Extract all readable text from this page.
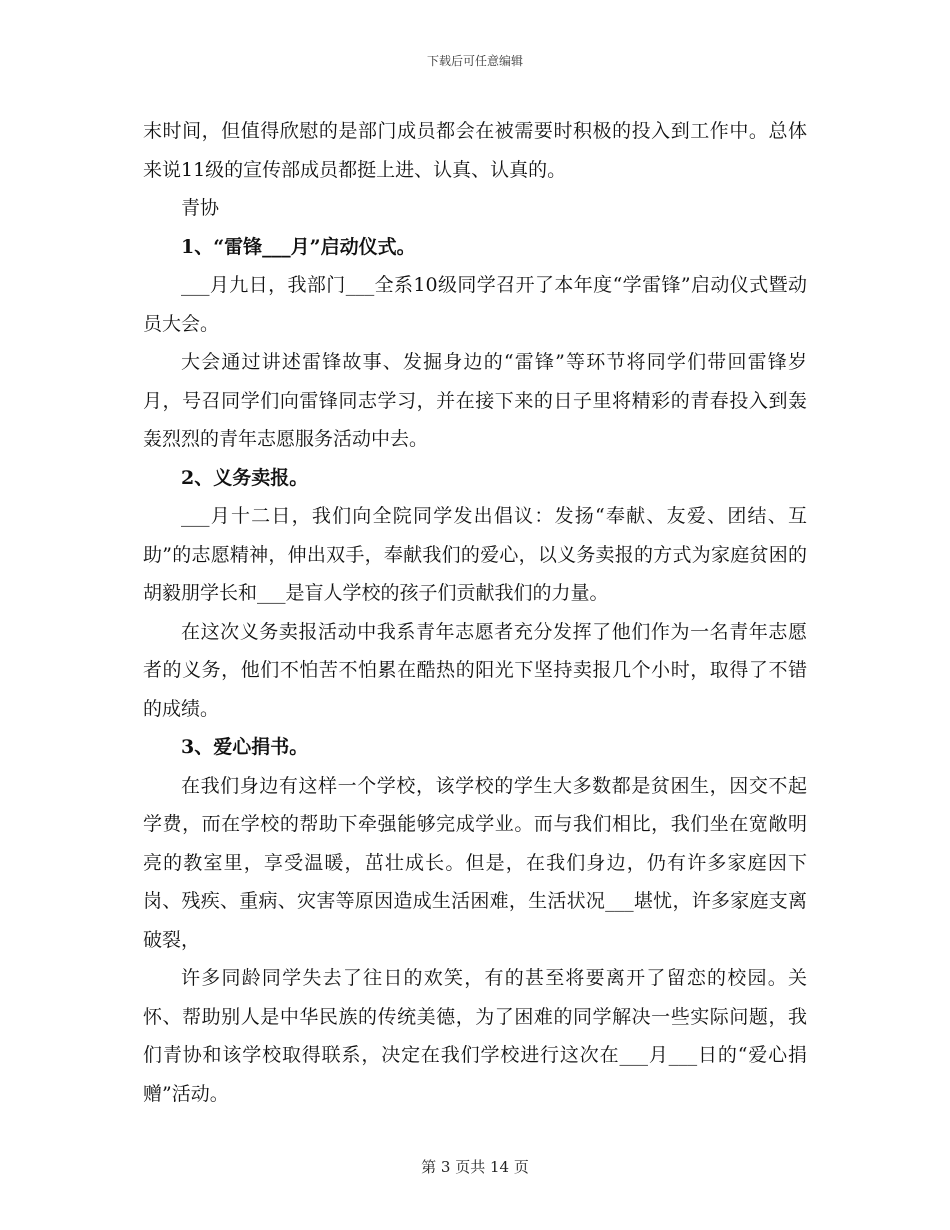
下载后可任意编辑

末时间，但值得欣慰的是部门成员都会在被需要时积极的投入到工作中。总体来说11级的宣传部成员都挺上进、认真、认真的。

青协

1、“雷锋___月”启动仪式。

___月九日，我部门___全系10级同学召开了本年度“学雷锋”启动仪式暨动员大会。

大会通过讲述雷锋故事、发掘身边的“雷锋”等环节将同学们带回雷锋岁月，号召同学们向雷锋同志学习，并在接下来的日子里将精彩的青春投入到轰轰烈烈的青年志愿服务活动中去。

2、义务卖报。

___月十二日，我们向全院同学发出倡议：发扬“奉献、友爱、团结、互助”的志愿精神，伸出双手，奉献我们的爱心，以义务卖报的方式为家庭贫困的胡毅朋学长和___是盲人学校的孩子们贡献我们的力量。

在这次义务卖报活动中我系青年志愿者充分发挥了他们作为一名青年志愿者的义务，他们不怕苦不怕累在酷热的阳光下坚持卖报几个小时，取得了不错的成绩。

3、爱心捐书。

在我们身边有这样一个学校，该学校的学生大多数都是贫困生，因交不起学费，而在学校的帮助下牵强能够完成学业。而与我们相比，我们坐在宽敞明亮的教室里，享受温暖，茁壮成长。但是，在我们身边，仍有许多家庭因下岗、残疾、重病、灾害等原因造成生活困难，生活状况___堪忧，许多家庭支离破裂，

许多同龄同学失去了往日的欢笑，有的甚至将要离开了留恋的校园。关怀、帮助别人是中华民族的传统美德，为了困难的同学解决一些实际问题，我们青协和该学校取得联系，决定在我们学校进行这次在___月___日的“爱心捐赠”活动。

第 3 页共 14 页
